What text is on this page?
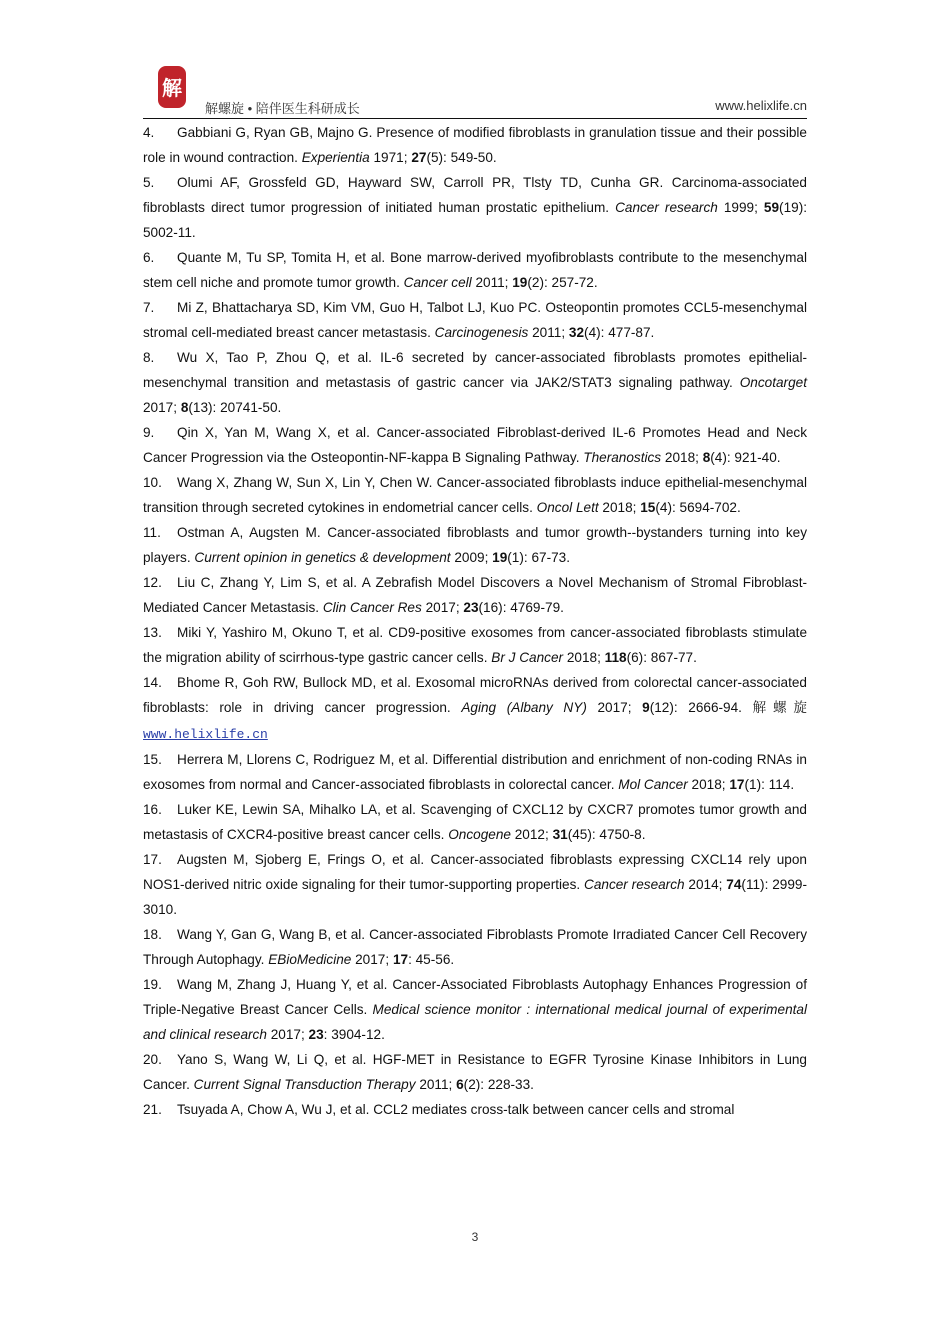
解
解螺旋 • 陪伴医生科研成长	www.helixlife.cn
4. Gabbiani G, Ryan GB, Majno G. Presence of modified fibroblasts in granulation tissue and their possible role in wound contraction. Experientia 1971; 27(5): 549-50.
5. Olumi AF, Grossfeld GD, Hayward SW, Carroll PR, Tlsty TD, Cunha GR. Carcinoma-associated fibroblasts direct tumor progression of initiated human prostatic epithelium. Cancer research 1999; 59(19): 5002-11.
6. Quante M, Tu SP, Tomita H, et al. Bone marrow-derived myofibroblasts contribute to the mesenchymal stem cell niche and promote tumor growth. Cancer cell 2011; 19(2): 257-72.
7. Mi Z, Bhattacharya SD, Kim VM, Guo H, Talbot LJ, Kuo PC. Osteopontin promotes CCL5-mesenchymal stromal cell-mediated breast cancer metastasis. Carcinogenesis 2011; 32(4): 477-87.
8. Wu X, Tao P, Zhou Q, et al. IL-6 secreted by cancer-associated fibroblasts promotes epithelial-mesenchymal transition and metastasis of gastric cancer via JAK2/STAT3 signaling pathway. Oncotarget 2017; 8(13): 20741-50.
9. Qin X, Yan M, Wang X, et al. Cancer-associated Fibroblast-derived IL-6 Promotes Head and Neck Cancer Progression via the Osteopontin-NF-kappa B Signaling Pathway. Theranostics 2018; 8(4): 921-40.
10. Wang X, Zhang W, Sun X, Lin Y, Chen W. Cancer-associated fibroblasts induce epithelial-mesenchymal transition through secreted cytokines in endometrial cancer cells. Oncol Lett 2018; 15(4): 5694-702.
11. Ostman A, Augsten M. Cancer-associated fibroblasts and tumor growth--bystanders turning into key players. Current opinion in genetics & development 2009; 19(1): 67-73.
12. Liu C, Zhang Y, Lim S, et al. A Zebrafish Model Discovers a Novel Mechanism of Stromal Fibroblast-Mediated Cancer Metastasis. Clin Cancer Res 2017; 23(16): 4769-79.
13. Miki Y, Yashiro M, Okuno T, et al. CD9-positive exosomes from cancer-associated fibroblasts stimulate the migration ability of scirrhous-type gastric cancer cells. Br J Cancer 2018; 118(6): 867-77.
14. Bhome R, Goh RW, Bullock MD, et al. Exosomal microRNAs derived from colorectal cancer-associated fibroblasts: role in driving cancer progression. Aging (Albany NY) 2017; 9(12): 2666-94. 解螺旋 www.helixlife.cn
15. Herrera M, Llorens C, Rodriguez M, et al. Differential distribution and enrichment of non-coding RNAs in exosomes from normal and Cancer-associated fibroblasts in colorectal cancer. Mol Cancer 2018; 17(1): 114.
16. Luker KE, Lewin SA, Mihalko LA, et al. Scavenging of CXCL12 by CXCR7 promotes tumor growth and metastasis of CXCR4-positive breast cancer cells. Oncogene 2012; 31(45): 4750-8.
17. Augsten M, Sjoberg E, Frings O, et al. Cancer-associated fibroblasts expressing CXCL14 rely upon NOS1-derived nitric oxide signaling for their tumor-supporting properties. Cancer research 2014; 74(11): 2999-3010.
18. Wang Y, Gan G, Wang B, et al. Cancer-associated Fibroblasts Promote Irradiated Cancer Cell Recovery Through Autophagy. EBioMedicine 2017; 17: 45-56.
19. Wang M, Zhang J, Huang Y, et al. Cancer-Associated Fibroblasts Autophagy Enhances Progression of Triple-Negative Breast Cancer Cells. Medical science monitor : international medical journal of experimental and clinical research 2017; 23: 3904-12.
20. Yano S, Wang W, Li Q, et al. HGF-MET in Resistance to EGFR Tyrosine Kinase Inhibitors in Lung Cancer. Current Signal Transduction Therapy 2011; 6(2): 228-33.
21. Tsuyada A, Chow A, Wu J, et al. CCL2 mediates cross-talk between cancer cells and stromal
3
